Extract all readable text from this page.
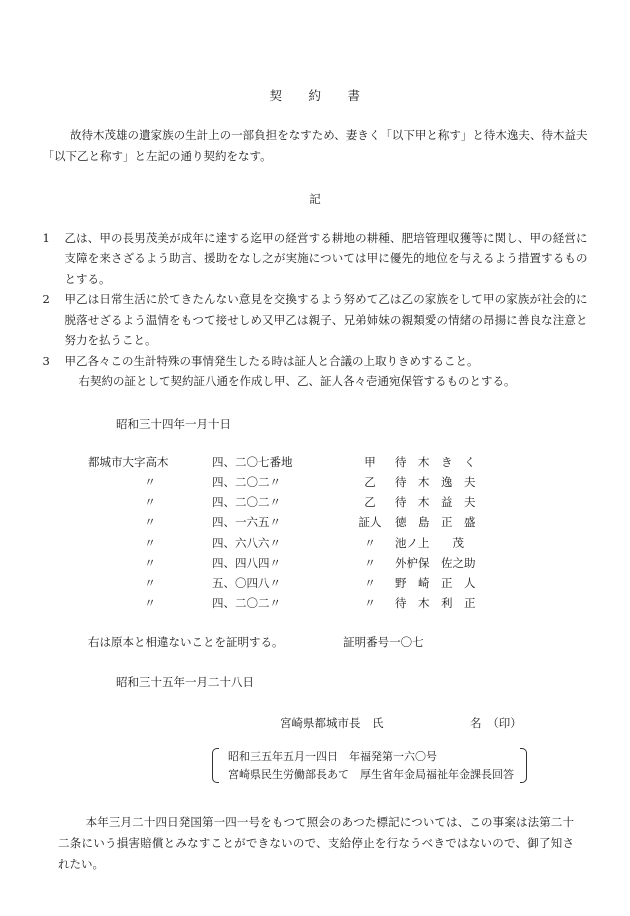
契　　約　　書
　故待木茂雄の遺家族の生計上の一部負担をなすため、妻きく「以下甲と称す」と待木逸夫、待木益夫「以下乙と称す」と左記の通り契約をなす。
記
1	乙は、甲の長男茂美が成年に達する迄甲の経営する耕地の耕種、肥培管理収獲等に関し、甲の経営に支障を来さざるよう助言、援助をなし之が実施については甲に優先的地位を与えるよう措置するものとする。
2	甲乙は日常生活に於てきたんない意見を交換するよう努めて乙は乙の家族をして甲の家族が社会的に脱落せざるよう温情をもつて接せしめ又甲乙は親子、兄弟姉妹の親類愛の情緒の昂揚に善良な注意と努力を払うこと。
3	甲乙各々この生計特殊の事情発生したる時は証人と合議の上取りきめすること。
右契約の証として契約証八通を作成し甲、乙、証人各々壱通宛保管するものとする。
昭和三十四年一月十日
都城市大字高木	四、二〇七番地	甲	待　木　き　く
〃	四、二〇二〃	乙	待　木　逸　夫
〃	四、二〇二〃	乙	待　木　益　夫
〃	四、一六五〃	証人	徳　島　正　盛
〃	四、六八六〃	〃	池ノ上　　茂
〃	四、四八四〃	〃	外枦保　佐之助
〃	五、〇四八〃	〃	野　崎　正　人
〃	四、二〇二〃	〃	待　木　利　正
右は原本と相違ないことを証明する。	証明番号一〇七
昭和三十五年一月二十八日
宮崎県都城市長　氏	名　（印）
昭和三五年五月一四日　年福発第一六〇号
宮崎県民生労働部長あて　厚生省年金局福祉年金課長回答
　本年三月二十四日発国第一四一号をもつて照会のあつた標記については、この事案は法第二十二条にいう損害賠償とみなすことができないので、支給停止を行なうべきではないので、御了知されたい。
